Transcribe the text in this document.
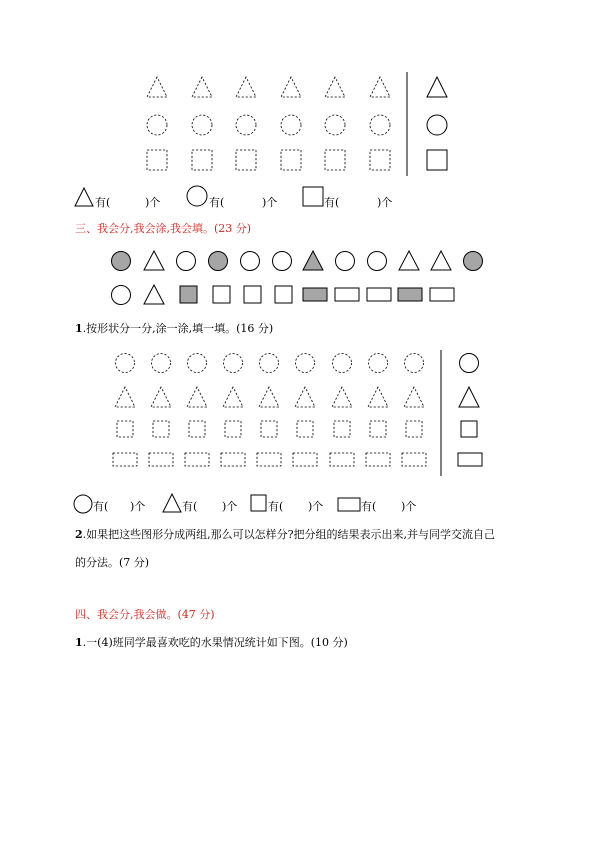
有(	)个	有(	)个	有(	)个
三、我会分,我会涂,我会填。(23 分)
1.按形状分一分,涂一涂,填一填。(16 分)
有( )个	有( )个	有( )个	有( )个
2.如果把这些图形分成两组,那么可以怎样分?把分组的结果表示出来,并与同学交流自己
的分法。(7 分)
四、我会分,我会做。(47 分)
1.一(4)班同学最喜欢吃的水果情况统计如下图。(10 分)
